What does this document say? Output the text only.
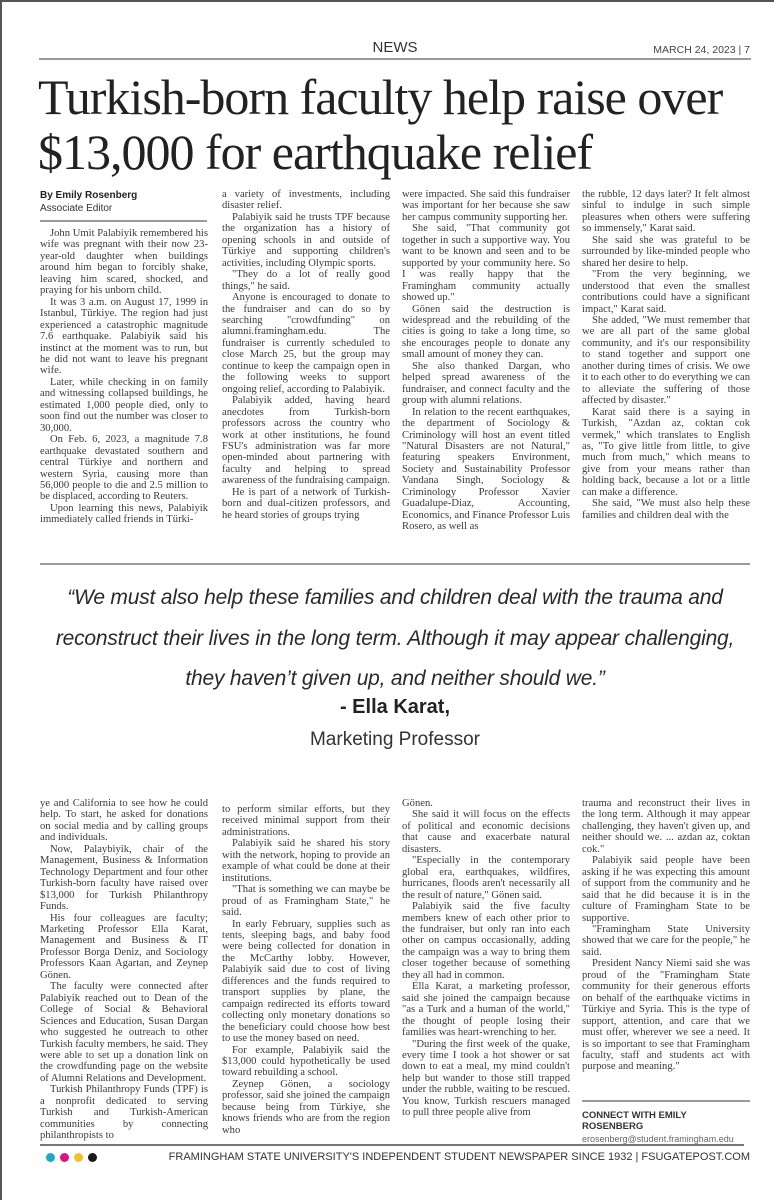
NEWS	MARCH 24, 2023 | 7
Turkish-born faculty help raise over $13,000 for earthquake relief
By Emily Rosenberg
Associate Editor

John Umit Palabiyik remembered his wife was pregnant with their now 23-year-old daughter when buildings around him began to forcibly shake, leaving him scared, shocked, and praying for his unborn child.

It was 3 a.m. on August 17, 1999 in Istanbul, Türkiye. The region had just experienced a catastrophic magnitude 7.6 earthquake. Palabiyik said his instinct at the moment was to run, but he did not want to leave his pregnant wife.

Later, while checking in on family and witnessing collapsed buildings, he estimated 1,000 people died, only to soon find out the number was closer to 30,000.

On Feb. 6, 2023, a magnitude 7.8 earthquake devastated southern and central Türkiye and northern and western Syria, causing more than 56,000 people to die and 2.5 million to be displaced, according to Reuters.

Upon learning this news, Palabiyik immediately called friends in Türki-

a variety of investments, including disaster relief.

Palabiyik said he trusts TPF because the organization has a history of opening schools in and outside of Türkiye and supporting children's activities, including Olympic sports.

"They do a lot of really good things," he said.

Anyone is encouraged to donate to the fundraiser and can do so by searching "crowdfunding" on alumni.framingham.edu. The fundraiser is currently scheduled to close March 25, but the group may continue to keep the campaign open in the following weeks to support ongoing relief, according to Palabiyik.

Palabiyik added, having heard anecdotes from Turkish-born professors across the country who work at other institutions, he found FSU's administration was far more open-minded about partnering with faculty and helping to spread awareness of the fundraising campaign.

He is part of a network of Turkish-born and dual-citizen professors, and he heard stories of groups trying

were impacted. She said this fundraiser was important for her because she saw her campus community supporting her.

She said, "That community got together in such a supportive way. You want to be known and seen and to be supported by your community here. So I was really happy that the Framingham community actually showed up."

Gönen said the destruction is widespread and the rebuilding of the cities is going to take a long time, so she encourages people to donate any small amount of money they can.

She also thanked Dargan, who helped spread awareness of the fundraiser, and connect faculty and the group with alumni relations.

In relation to the recent earthquakes, the department of Sociology & Criminology will host an event titled "Natural Disasters are not Natural," featuring speakers Environment, Society and Sustainability Professor Vandana Singh, Sociology & Criminology Professor Xavier Guadalupe-Diaz, Accounting, Economics, and Finance Professor Luis Rosero, as well as

the rubble, 12 days later? It felt almost sinful to indulge in such simple pleasures when others were suffering so immensely," Karat said.

She said she was grateful to be surrounded by like-minded people who shared her desire to help.

"From the very beginning, we understood that even the smallest contributions could have a significant impact," Karat said.

She added, "We must remember that we are all part of the same global community, and it's our responsibility to stand together and support one another during times of crisis. We owe it to each other to do everything we can to alleviate the suffering of those affected by disaster."

Karat said there is a saying in Turkish, "Azdan az, coktan cok vermek," which translates to English as, "To give little from little, to give much from much," which means to give from your means rather than holding back, because a lot or a little can make a difference.

She said, "We must also help these families and children deal with the

“We must also help these families and children deal with the trauma and reconstruct their lives in the long term. Although it may appear challenging, they haven’t given up, and neither should we.”
- Ella Karat,
Marketing Professor

ye and California to see how he could help. To start, he asked for donations on social media and by calling groups and individuals.

Now, Palaybiyik, chair of the Management, Business & Information Technology Department and four other Turkish-born faculty have raised over $13,000 for Turkish Philanthropy Funds.

His four colleagues are faculty; Marketing Professor Ella Karat, Management and Business & IT Professor Borga Deniz, and Sociology Professors Kaan Agartan, and Zeynep Gönen.

The faculty were connected after Palabiyik reached out to Dean of the College of Social & Behavioral Sciences and Education, Susan Dargan who suggested he outreach to other Turkish faculty members, he said. They were able to set up a donation link on the crowdfunding page on the website of Alumni Relations and Development.

Turkish Philanthropy Funds (TPF) is a nonprofit dedicated to serving Turkish and Turkish-American communities by connecting philanthropists to

to perform similar efforts, but they received minimal support from their administrations.

Palabiyik said he shared his story with the network, hoping to provide an example of what could be done at their institutions.

"That is something we can maybe be proud of as Framingham State," he said.

In early February, supplies such as tents, sleeping bags, and baby food were being collected for donation in the McCarthy lobby. However, Palabiyik said due to cost of living differences and the funds required to transport supplies by plane, the campaign redirected its efforts toward collecting only monetary donations so the beneficiary could choose how best to use the money based on need.

For example, Palabiyik said the $13,000 could hypothetically be used toward rebuilding a school.

Zeynep Gönen, a sociology professor, said she joined the campaign because being from Türkiye, she knows friends who are from the region who

Gönen.

She said it will focus on the effects of political and economic decisions that cause and exacerbate natural disasters.

"Especially in the contemporary global era, earthquakes, wildfires, hurricanes, floods aren't necessarily all the result of nature," Gönen said.

Palabiyik said the five faculty members knew of each other prior to the fundraiser, but only ran into each other on campus occasionally, adding the campaign was a way to bring them closer together because of something they all had in common.

Ella Karat, a marketing professor, said she joined the campaign because "as a Turk and a human of the world," the thought of people losing their families was heart-wrenching to her.

"During the first week of the quake, every time I took a hot shower or sat down to eat a meal, my mind couldn't help but wander to those still trapped under the rubble, waiting to be rescued. You know, Turkish rescuers managed to pull three people alive from

trauma and reconstruct their lives in the long term. Although it may appear challenging, they haven't given up, and neither should we. ... azdan az, coktan cok."

Palabiyik said people have been asking if he was expecting this amount of support from the community and he said that he did because it is in the culture of Framingham State to be supportive.

"Framingham State University showed that we care for the people," he said.

President Nancy Niemi said she was proud of the "Framingham State community for their generous efforts on behalf of the earthquake victims in Türkiye and Syria. This is the type of support, attention, and care that we must offer, wherever we see a need. It is so important to see that Framingham faculty, staff and students act with purpose and meaning."

CONNECT WITH EMILY ROSENBERG
erosenberg@student.framingham.edu
FRAMINGHAM STATE UNIVERSITY'S INDEPENDENT STUDENT NEWSPAPER SINCE 1932 | FSUGATEPOST.COM
